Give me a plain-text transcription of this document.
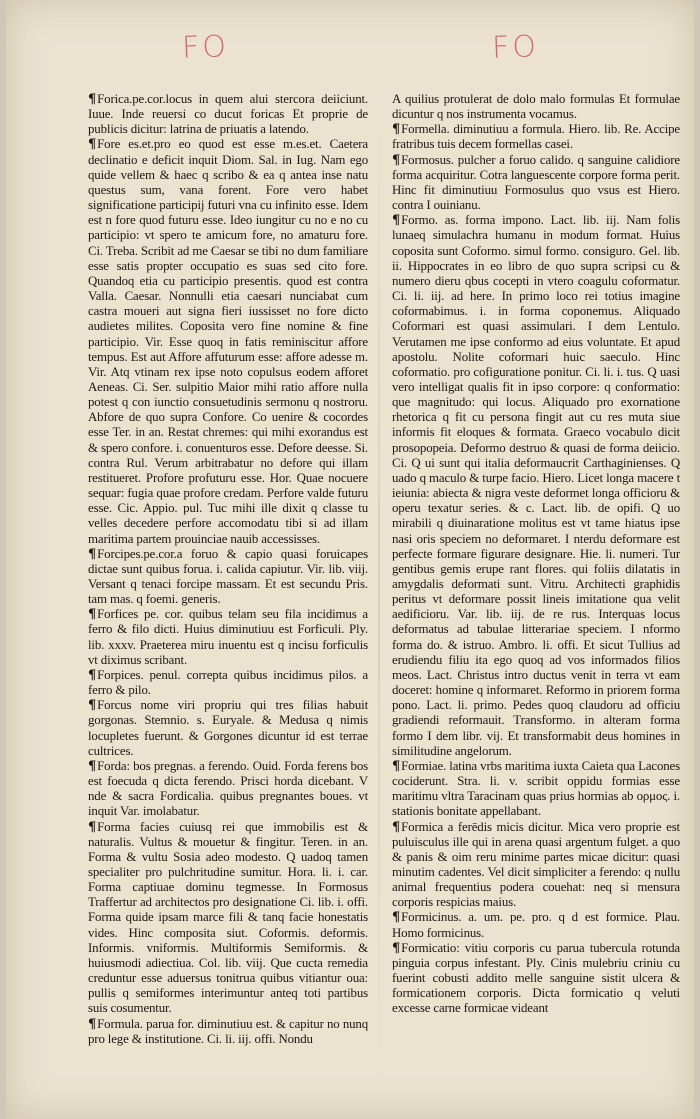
FO	FO

¶Forica.pe.cor.locus in quem alui stercora deiiciunt. Iuue. Inde reuersi co ducut foricas Et proprie de publicis dicitur: latrina de priuatis a latendo.

¶Fore es.et.pro eo quod est esse m.es.et. Caetera declinatio e deficit inquit Diom. Sal. in Iug. Nam ego quide vellem & haec q scribo & ea q antea inse natu questus sum, vana forent. Fore vero habet significatione participij futuri vna cu infinito esse. Idem est n fore quod futuru esse. Ideo iungitur cu no e no cu participio: vt spero te amicum fore, no amaturu fore. Ci. Treba. Scribit ad me Caesar se tibi no dum familiare esse satis propter occupatio es suas sed cito fore. Quandoq etia cu participio presentis. quod est contra Valla. Caesar. Nonnulli etia caesari nunciabat cum castra moueri aut signa fieri iussisset no fore dicto audietes milites. Coposita vero fine nomine & fine participio. Vir. Esse quoq in fatis reminiscitur affore tempus. Est aut Affore affuturum esse: affore adesse m. Vir. Atq vtinam rex ipse noto copulsus eodem afforet Aeneas. Ci. Ser. sulpitio Maior mihi ratio affore nulla potest q con iunctio consuetudinis sermonu q nostroru. Abfore de quo supra Confore. Co uenire & cocordes esse Ter. in an. Restat chremes: qui mihi exorandus est & spero confore. i. conuenturos esse. Defore deesse. Si. contra Rul. Verum arbitrabatur no defore qui illam restitueret. Profore profuturu esse. Hor. Quae nocuere sequar: fugia quae profore credam. Perfore valde futuru esse. Cic. Appio. pul. Tuc mihi ille dixit q classe tu velles decedere perfore accomodatu tibi si ad illam maritima partem prouinciae nauib accessisses.

¶Forcipes.pe.cor.a foruo & capio quasi foruicapes dictae sunt quibus forua. i. calida capiutur. Vir. lib. viij. Versant q tenaci forcipe massam. Et est secundu Pris. tam mas. q foemi. generis.

¶Forfices pe. cor. quibus telam seu fila incidimus a ferro & filo dicti. Huius diminutiuu est Forficuli. Ply. lib. xxxv. Praeterea miru inuentu est q incisu forficulis vt diximus scribant.

¶Forpices. penul. correpta quibus incidimus pilos. a ferro & pilo.

¶Forcus nome viri propriu qui tres filias habuit gorgonas. Stemnio. s. Euryale. & Medusa q nimis locupletes fuerunt. & Gorgones dicuntur id est terrae cultrices.

¶Forda: bos pregnas. a ferendo. Ouid. Forda ferens bos est foecuda q dicta ferendo. Prisci horda dicebant. V nde & sacra Fordicalia. quibus pregnantes boues. vt inquit Var. imolabatur.

¶Forma facies cuiusq rei que immobilis est & naturalis. Vultus & mouetur & fingitur. Teren. in an. Forma & vultu Sosia adeo modesto. Q uadoq tamen specialiter pro pulchritudine sumitur. Hora. li. i. car. Forma captiuae dominu tegmesse. In Formosus Traffertur ad architectos pro designatione Ci. lib. i. offi. Forma quide ipsam marce fili & tanq facie honestatis vides. Hinc composita siut. Coformis. deformis. Informis. vniformis. Multiformis Semiformis. & huiusmodi adiectiua. Col. lib. viij. Que cucta remedia creduntur esse aduersus tonitrua quibus vitiantur oua: pullis q semiformes interimuntur anteq toti partibus suis cosumentur.

¶Formula. parua for. diminutiuu est. & capitur no nunq pro lege & institutione. Ci. li. iij. offi. Nondu

A quilius protulerat de dolo malo formulas Et formulae dicuntur q nos instrumenta vocamus.

¶Formella. diminutiuu a formula. Hiero. lib. Re. Accipe fratribus tuis decem formellas casei.

¶Formosus. pulcher a foruo calido. q sanguine calidiore forma acquiritur. Cotra languescente corpore forma perit. Hinc fit diminutiuu Formosulus quo vsus est Hiero. contra I ouinianu.

¶Formo. as. forma impono. Lact. lib. iij. Nam folis lunaeq simulachra humanu in modum format. Huius coposita sunt Coformo. simul formo. consiguro. Gel. lib. ii. Hippocrates in eo libro de quo supra scripsi cu & numero dieru qbus cocepti in vtero coagulu coformatur. Ci. li. iij. ad here. In primo loco rei totius imagine coformabimus. i. in forma coponemus. Aliquado Coformari est quasi assimulari. I dem Lentulo. Verutamen me ipse conformo ad eius voluntate. Et apud apostolu. Nolite coformari huic saeculo. Hinc coformatio. pro cofiguratione ponitur. Ci. li. i. tus. Q uasi vero intelligat qualis fit in ipso corpore: q conformatio: que magnitudo: qui locus. Aliquado pro exornatione rhetorica q fit cu persona fingit aut cu res muta siue informis fit eloques & formata. Graeco vocabulo dicit prosopopeia. Deformo destruo & quasi de forma deiicio. Ci. Q ui sunt qui italia deformaucrit Carthaginienses. Q uado q maculo & turpe facio. Hiero. Licet longa macere t ieiunia: abiecta & nigra veste deformet longa officioru & operu texatur series. & c. Lact. lib. de opifi. Q uo mirabili q diuinaratione molitus est vt tame hiatus ipse nasi oris speciem no deformaret. I nterdu deformare est perfecte formare figurare designare. Hie. li. numeri. Tur gentibus gemis erupe rant flores. qui foliis dilatatis in amygdalis deformati sunt. Vitru. Architecti graphidis peritus vt deformare possit lineis imitatione qua velit aedificioru. Var. lib. iij. de re rus. Interquas locus deformatus ad tabulae litterariae speciem. I nformo forma do. & istruo. Ambro. li. offi. Et sicut Tullius ad erudiendu filiu ita ego quoq ad vos informados filios meos. Lact. Christus intro ductus venit in terra vt eam doceret: homine q informaret. Reformo in priorem forma pono. Lact. li. primo. Pedes quoq claudoru ad officiu gradiendi reformauit. Transformo. in alteram forma formo I dem libr. vij. Et transformabit deus homines in similitudine angelorum.

¶Formiae. latina vrbs maritima iuxta Caieta qua Lacones cociderunt. Stra. li. v. scribit oppidu formias esse maritimu vltra Taracinam quas prius hormias ab ορμος. i. stationis bonitate appellabant.

¶Formica a ferēdis micis dicitur. Mica vero proprie est puluisculus ille qui in arena quasi argentum fulget. a quo & panis & oim reru minime partes micae dicitur: quasi minutim cadentes. Vel dicit simpliciter a ferendo: q nullu animal frequentius podera couehat: neq si mensura corporis respicias maius.

¶Formicinus. a. um. pe. pro. q d est formice. Plau. Homo formicinus.

¶Formicatio: vitiu corporis cu parua tubercula rotunda pinguia corpus infestant. Ply. Cinis mulebriu criniu cu fuerint cobusti addito melle sanguine sistit ulcera & formicationem corporis. Dicta formicatio q veluti excesse carne formicae videant
